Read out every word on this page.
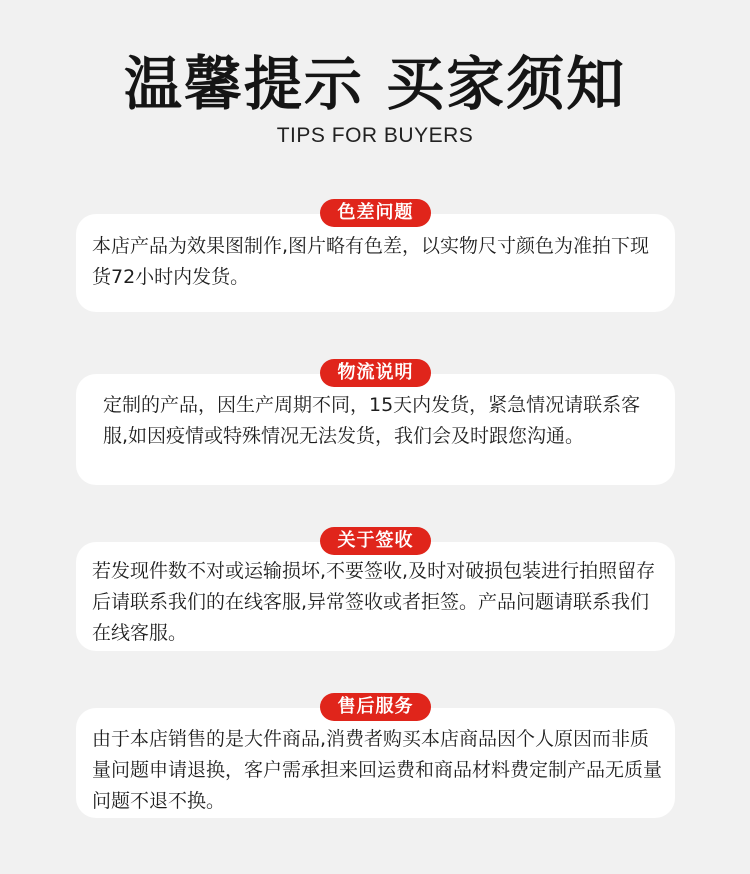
温馨提示 买家须知
TIPS FOR BUYERS
色差问题

本店产品为效果图制作,图片略有色差，以实物尺寸颜色为准拍下现货72小时内发货。

物流说明

定制的产品，因生产周期不同，15天内发货，紧急情况请联系客服,如因疫情或特殊情况无法发货，我们会及时跟您沟通。

关于签收

若发现件数不对或运输损坏,不要签收,及时对破损包装进行拍照留存后请联系我们的在线客服,异常签收或者拒签。产品问题请联系我们在线客服。

售后服务

由于本店销售的是大件商品,消费者购买本店商品因个人原因而非质量问题申请退换，客户需承担来回运费和商品材料费定制产品无质量问题不退不换。
